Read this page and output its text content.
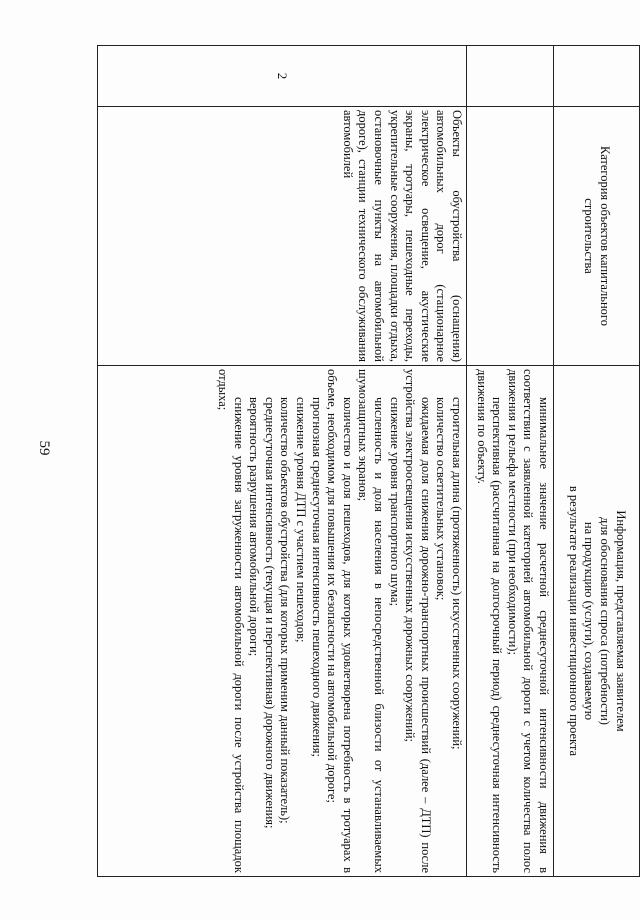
59
Категория объектов капитального строительства
Информация, представляемая заявителем
для обоснования спроса (потребности)
на продукцию (услуги), создаваемую
в результате реализации инвестиционного проекта

минимальное значение расчетной среднесуточной интенсивности движения в соответствии с заявленной категорией автомобильной дороги с учетом количества полос движения и рельефа местности (при необходимости);

перспективная (рассчитанная на долгосрочный период) среднесуточная интенсивность движения по объекту.

2

Объекты обустройства (оснащения) автомобильных дорог (стационарное электрическое освещение, акустические экраны, тротуары, пешеходные переходы, укрепительные сооружения, площадки отдыха, остановочные пункты на автомобильной дороге), станции технического обслуживания автомобилей

строительная длина (протяженность) искусственных сооружений;

количество осветительных установок;

ожидаемая доля снижения дорожно-транспортных происшествий (далее – ДТП) после устройства электроосвещения искусственных дорожных сооружений;

снижение уровня транспортного шума;

численность и доля населения в непосредственной близости от устанавливаемых шумозащитных экранов;

количество и доля пешеходов, для которых удовлетворена потребность в тротуарах в объеме, необходимом для повышения их безопасности на автомобильной дороге;

прогнозная среднесуточная интенсивность пешеходного движения;

снижение уровня ДТП с участием пешеходов;

количество объектов обустройства (для которых применим данный показатель);

среднесуточная интенсивность (текущая и перспективная) дорожного движения;

вероятность разрушения автомобильной дороги;

снижение уровня загруженности автомобильной дороги после устройства площадок отдыха;
